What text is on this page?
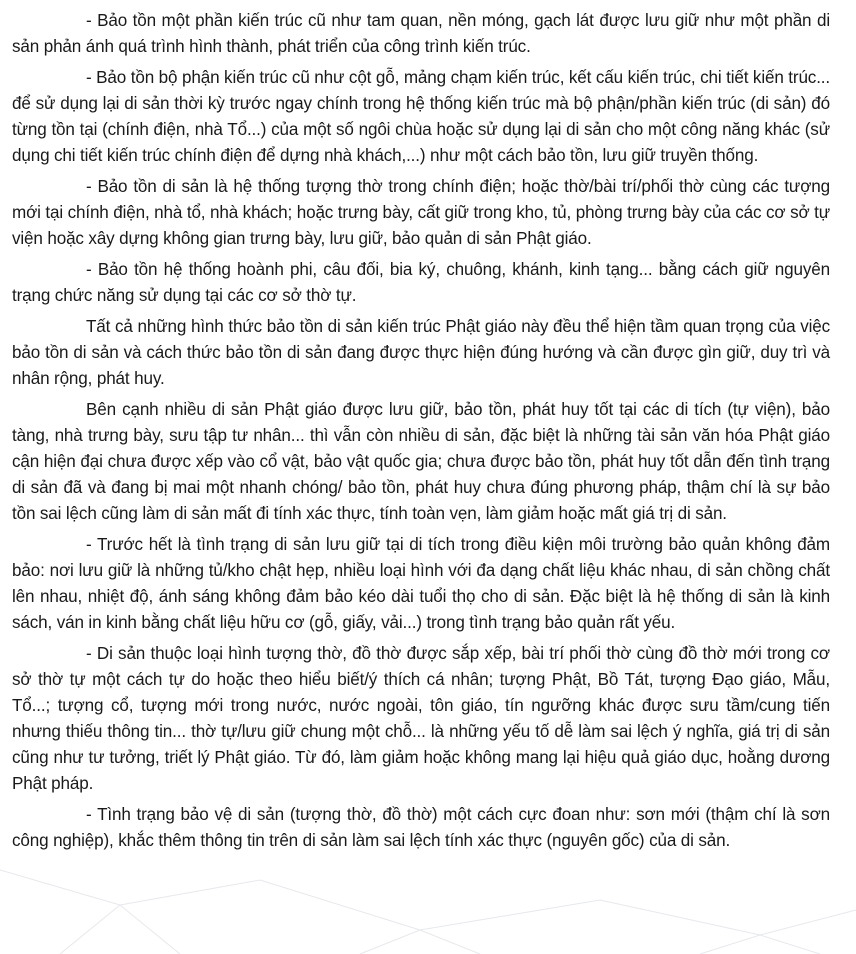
- Bảo tồn một phần kiến trúc cũ như tam quan, nền móng, gạch lát được lưu giữ như một phần di sản phản ánh quá trình hình thành, phát triển của công trình kiến trúc.

- Bảo tồn bộ phận kiến trúc cũ như cột gỗ, mảng chạm kiến trúc, kết cấu kiến trúc, chi tiết kiến trúc... để sử dụng lại di sản thời kỳ trước ngay chính trong hệ thống kiến trúc mà bộ phận/phần kiến trúc (di sản) đó từng tồn tại (chính điện, nhà Tổ...) của một số ngôi chùa hoặc sử dụng lại di sản cho một công năng khác (sử dụng chi tiết kiến trúc chính điện để dựng nhà khách,...) như một cách bảo tồn, lưu giữ truyền thống.

- Bảo tồn di sản là hệ thống tượng thờ trong chính điện; hoặc thờ/bài trí/phối thờ cùng các tượng mới tại chính điện, nhà tổ, nhà khách; hoặc trưng bày, cất giữ trong kho, tủ, phòng trưng bày của các cơ sở tự viện hoặc xây dựng không gian trưng bày, lưu giữ, bảo quản di sản Phật giáo.

- Bảo tồn hệ thống hoành phi, câu đối, bia ký, chuông, khánh, kinh tạng... bằng cách giữ nguyên trạng chức năng sử dụng tại các cơ sở thờ tự.

Tất cả những hình thức bảo tồn di sản kiến trúc Phật giáo này đều thể hiện tầm quan trọng của việc bảo tồn di sản và cách thức bảo tồn di sản đang được thực hiện đúng hướng và cần được gìn giữ, duy trì và nhân rộng, phát huy.

Bên cạnh nhiều di sản Phật giáo được lưu giữ, bảo tồn, phát huy tốt tại các di tích (tự viện), bảo tàng, nhà trưng bày, sưu tập tư nhân... thì vẫn còn nhiều di sản, đặc biệt là những tài sản văn hóa Phật giáo cận hiện đại chưa được xếp vào cổ vật, bảo vật quốc gia; chưa được bảo tồn, phát huy tốt dẫn đến tình trạng di sản đã và đang bị mai một nhanh chóng/ bảo tồn, phát huy chưa đúng phương pháp, thậm chí là sự bảo tồn sai lệch cũng làm di sản mất đi tính xác thực, tính toàn vẹn, làm giảm hoặc mất giá trị di sản.

- Trước hết là tình trạng di sản lưu giữ tại di tích trong điều kiện môi trường bảo quản không đảm bảo: nơi lưu giữ là những tủ/kho chật hẹp, nhiều loại hình với đa dạng chất liệu khác nhau, di sản chồng chất lên nhau, nhiệt độ, ánh sáng không đảm bảo kéo dài tuổi thọ cho di sản. Đặc biệt là hệ thống di sản là kinh sách, ván in kinh bằng chất liệu hữu cơ (gỗ, giấy, vải...) trong tình trạng bảo quản rất yếu.

- Di sản thuộc loại hình tượng thờ, đồ thờ được sắp xếp, bài trí phối thờ cùng đồ thờ mới trong cơ sở thờ tự một cách tự do hoặc theo hiểu biết/ý thích cá nhân; tượng Phật, Bồ Tát, tượng Đạo giáo, Mẫu, Tổ...; tượng cổ, tượng mới trong nước, nước ngoài, tôn giáo, tín ngưỡng khác được sưu tầm/cung tiến nhưng thiếu thông tin... thờ tự/lưu giữ chung một chỗ... là những yếu tố dễ làm sai lệch ý nghĩa, giá trị di sản cũng như tư tưởng, triết lý Phật giáo. Từ đó, làm giảm hoặc không mang lại hiệu quả giáo dục, hoằng dương Phật pháp.

- Tình trạng bảo vệ di sản (tượng thờ, đồ thờ) một cách cực đoan như: sơn mới (thậm chí là sơn công nghiệp), khắc thêm thông tin trên di sản làm sai lệch tính xác thực (nguyên gốc) của di sản.
